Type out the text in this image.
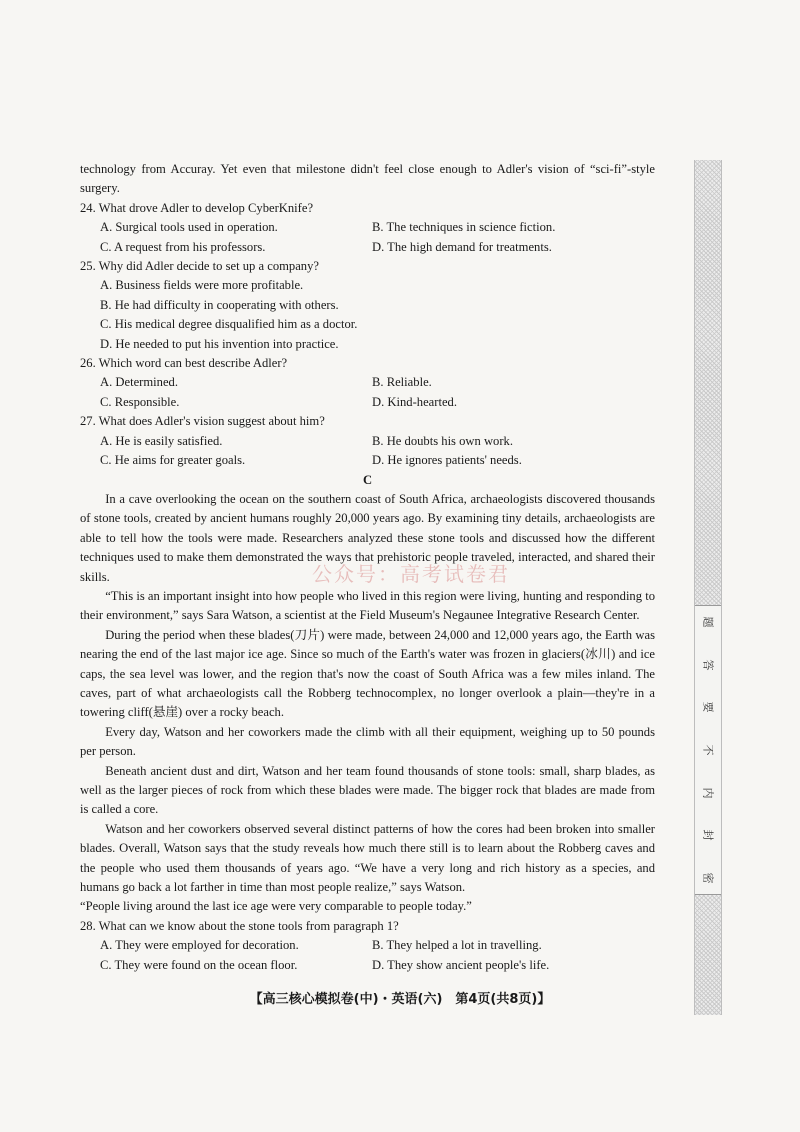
technology from Accuray. Yet even that milestone didn't feel close enough to Adler's vision of “sci-fi”-style surgery.

24. What drove Adler to develop CyberKnife?

A. Surgical tools used in operation.	B. The techniques in science fiction.

C. A request from his professors.	D. The high demand for treatments.

25. Why did Adler decide to set up a company?

A. Business fields were more profitable.

B. He had difficulty in cooperating with others.

C. His medical degree disqualified him as a doctor.

D. He needed to put his invention into practice.

26. Which word can best describe Adler?

A. Determined.	B. Reliable.

C. Responsible.	D. Kind-hearted.

27. What does Adler's vision suggest about him?

A. He is easily satisfied.	B. He doubts his own work.

C. He aims for greater goals.	D. He ignores patients' needs.

C

In a cave overlooking the ocean on the southern coast of South Africa, archaeologists discovered thousands of stone tools, created by ancient humans roughly 20,000 years ago. By examining tiny details, archaeologists are able to tell how the tools were made. Researchers analyzed these stone tools and discussed how the different techniques used to make them demonstrated the ways that prehistoric people traveled, interacted, and shared their skills.

“This is an important insight into how people who lived in this region were living, hunting and responding to their environment,” says Sara Watson, a scientist at the Field Museum's Negaunee Integrative Research Center.

During the period when these blades(刀片) were made, between 24,000 and 12,000 years ago, the Earth was nearing the end of the last major ice age. Since so much of the Earth's water was frozen in glaciers(冰川) and ice caps, the sea level was lower, and the region that's now the coast of South Africa was a few miles inland. The caves, part of what archaeologists call the Robberg technocomplex, no longer overlook a plain—they're in a towering cliff(悬崖) over a rocky beach.

Every day, Watson and her coworkers made the climb with all their equipment, weighing up to 50 pounds per person.

Beneath ancient dust and dirt, Watson and her team found thousands of stone tools: small, sharp blades, as well as the larger pieces of rock from which these blades were made. The bigger rock that blades are made from is called a core.

Watson and her coworkers observed several distinct patterns of how the cores had been broken into smaller blades. Overall, Watson says that the study reveals how much there still is to learn about the Robberg caves and the people who used them thousands of years ago. “We have a very long and rich history as a species, and humans go back a lot farther in time than most people realize,” says Watson.

“People living around the last ice age were very comparable to people today.”

28. What can we know about the stone tools from paragraph 1?

A. They were employed for decoration.	B. They helped a lot in travelling.

C. They were found on the ocean floor.	D. They show ancient people's life.

公众号：高考试卷君
题
答
要
不
内
封
密
【高三核心模拟卷(中)・英语(六)　第4页(共8页)】
